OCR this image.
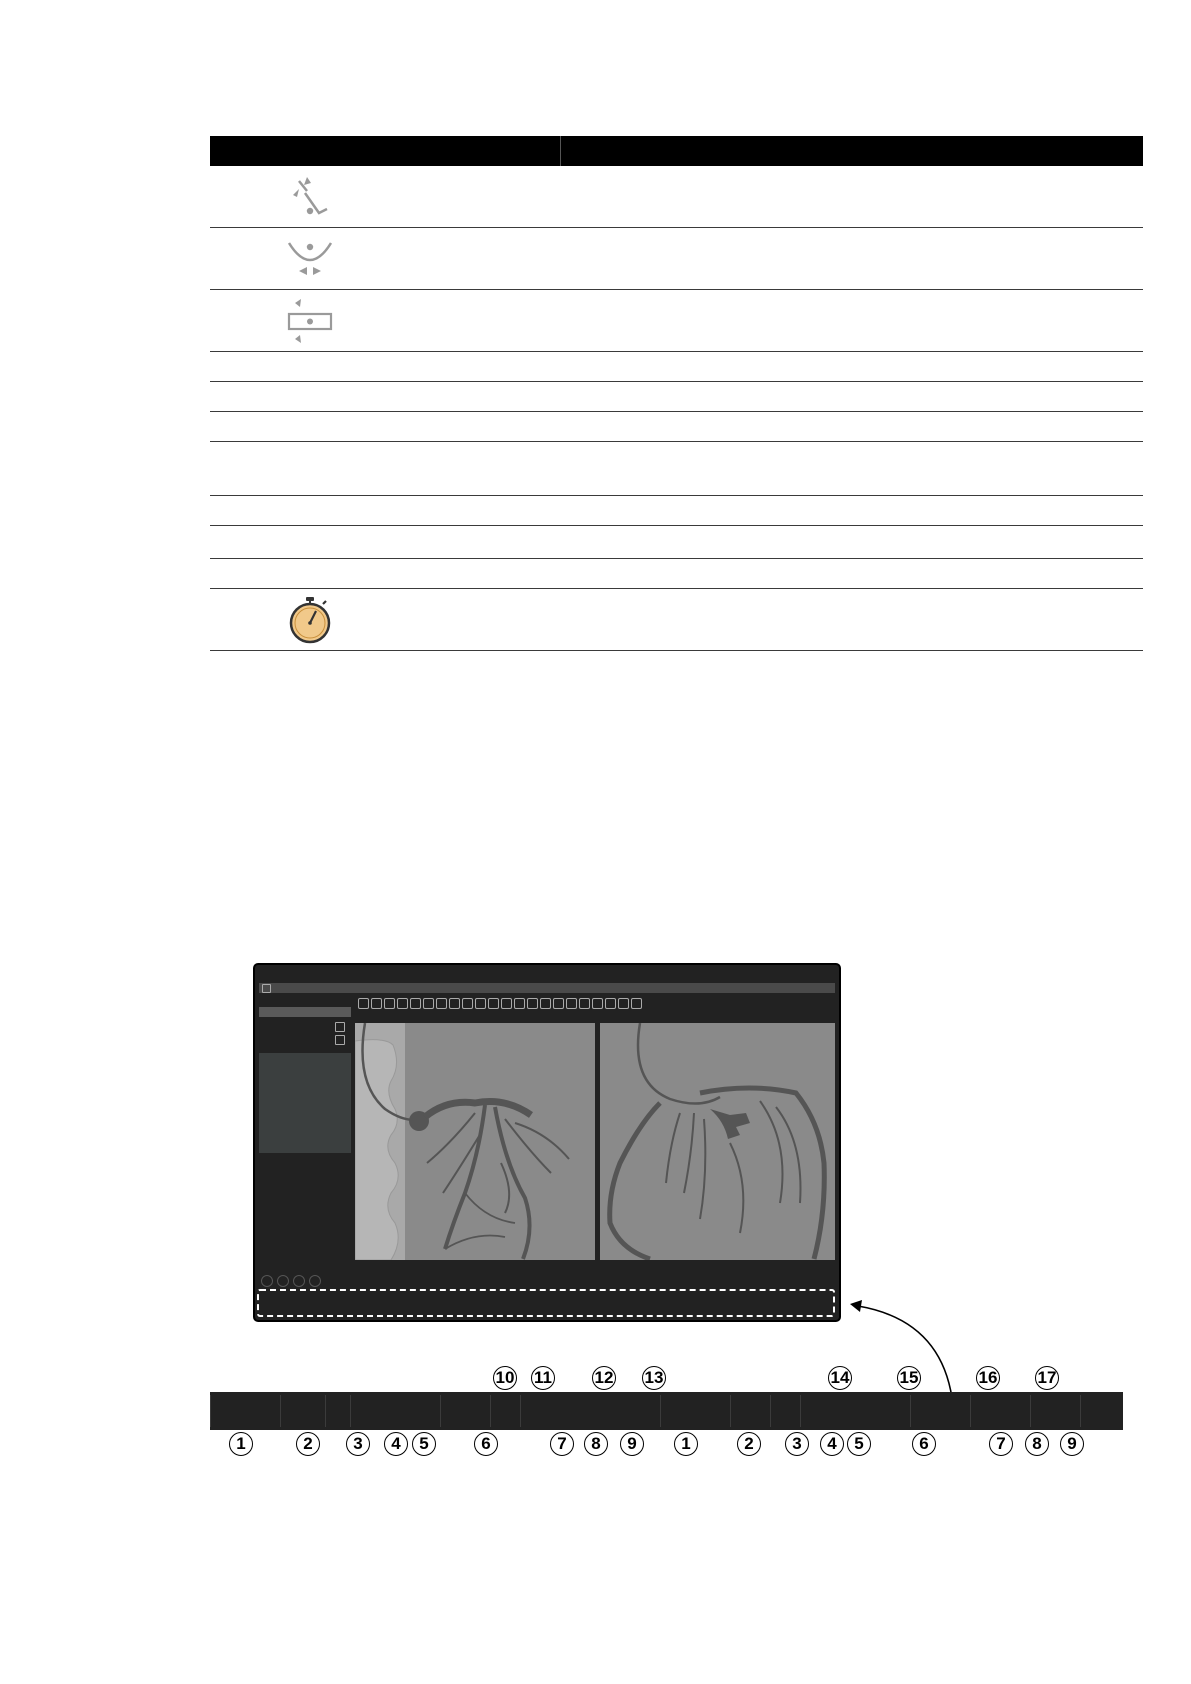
10 11	12 13	14	15	16 17
1	2	3	4	5	6	7	8	9	1	2	3	4	5	6	7	8	9
